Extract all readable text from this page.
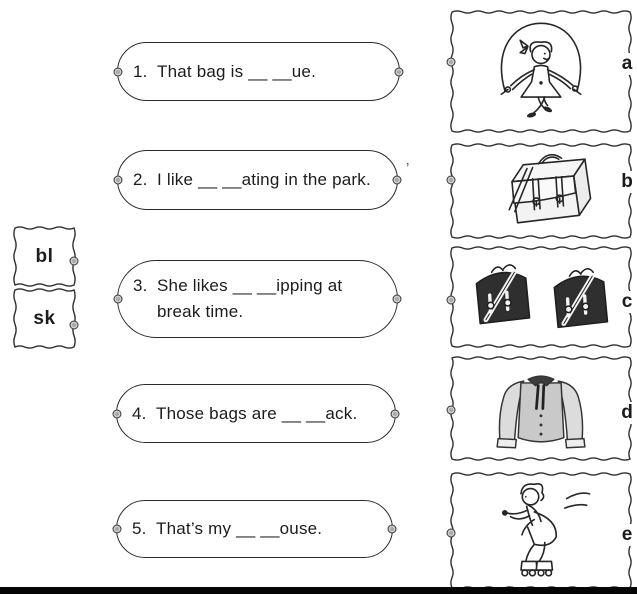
bl
sk
1. That bag is __ __ue.
2. I like __ __ating in the park.
’
3. She likes __ __ipping at break time.
4. Those bags are __ __ack.
5. That’s my __ __ouse.
a
b
c
d
e
